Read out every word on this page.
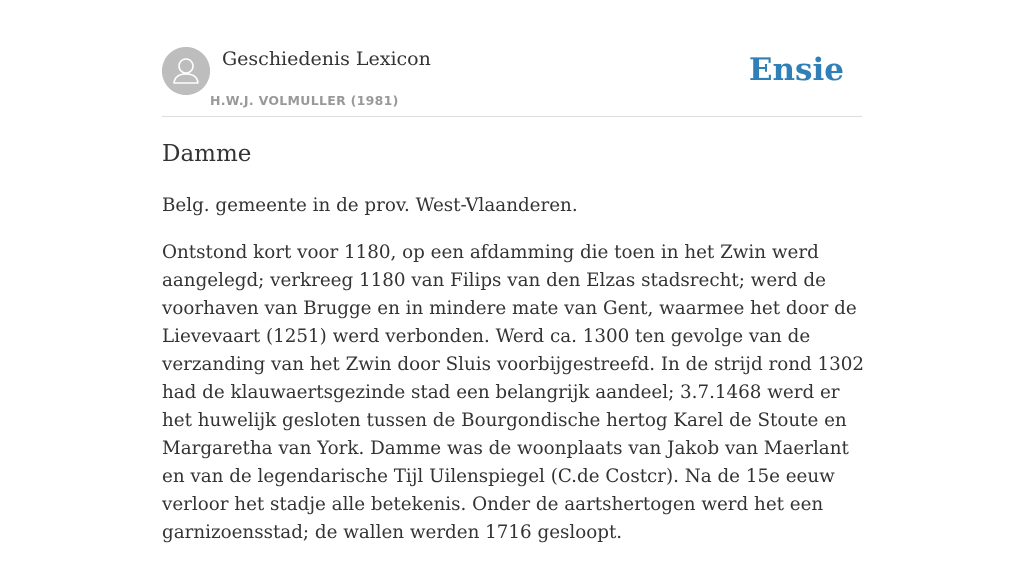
Geschiedenis Lexicon
H.W.J. VOLMULLER (1981)
Ensie
Damme

Belg. gemeente in de prov. West-Vlaanderen.

Ontstond kort voor 1180, op een afdamming die toen in het Zwin werd aangelegd; verkreeg 1180 van Filips van den Elzas stadsrecht; werd de voorhaven van Brugge en in mindere mate van Gent, waarmee het door de Lievevaart (1251) werd verbonden. Werd ca. 1300 ten gevolge van de verzanding van het Zwin door Sluis voorbijgestreefd. In de strijd rond 1302 had de klauwaertsgezinde stad een belangrijk aandeel; 3.7.1468 werd er het huwelijk gesloten tussen de Bourgondische hertog Karel de Stoute en Margaretha van York. Damme was de woonplaats van Jakob van Maerlant en van de legendarische Tijl Uilenspiegel (C.de Costcr). Na de 15e eeuw verloor het stadje alle betekenis. Onder de aartshertogen werd het een garnizoensstad; de wallen werden 1716 gesloopt.
